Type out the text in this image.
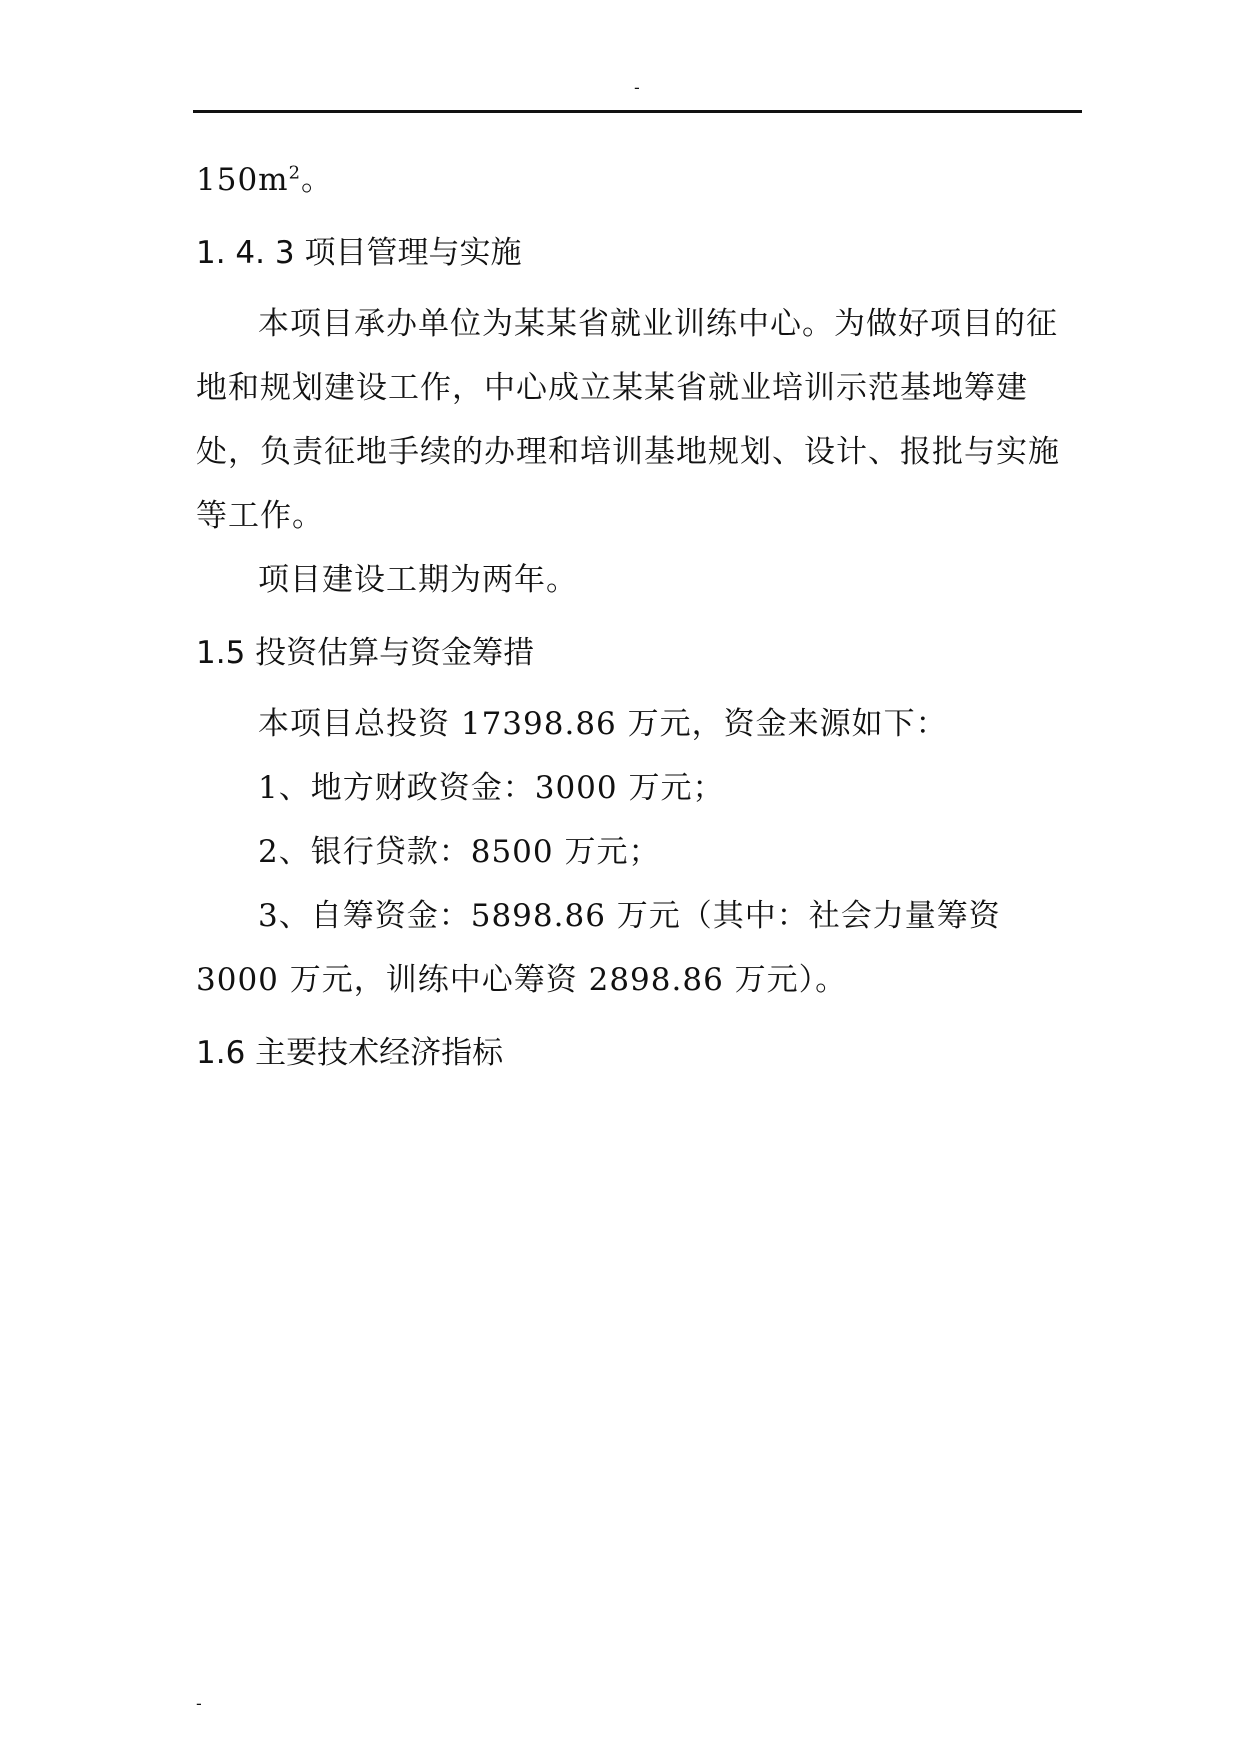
-

$150m^2$。

1. 4. 3 项目管理与实施

本项目承办单位为某某省就业训练中心。为做好项目的征地和规划建设工作，中心成立某某省就业培训示范基地筹建处，负责征地手续的办理和培训基地规划、设计、报批与实施等工作。

项目建设工期为两年。

1.5 投资估算与资金筹措

本项目总投资 17398.86 万元，资金来源如下：

1、地方财政资金：3000 万元；

2、银行贷款：8500 万元；

3、自筹资金：5898.86 万元（其中：社会力量筹资 3000 万元，训练中心筹资 2898.86 万元）。

1.6 主要技术经济指标
-
